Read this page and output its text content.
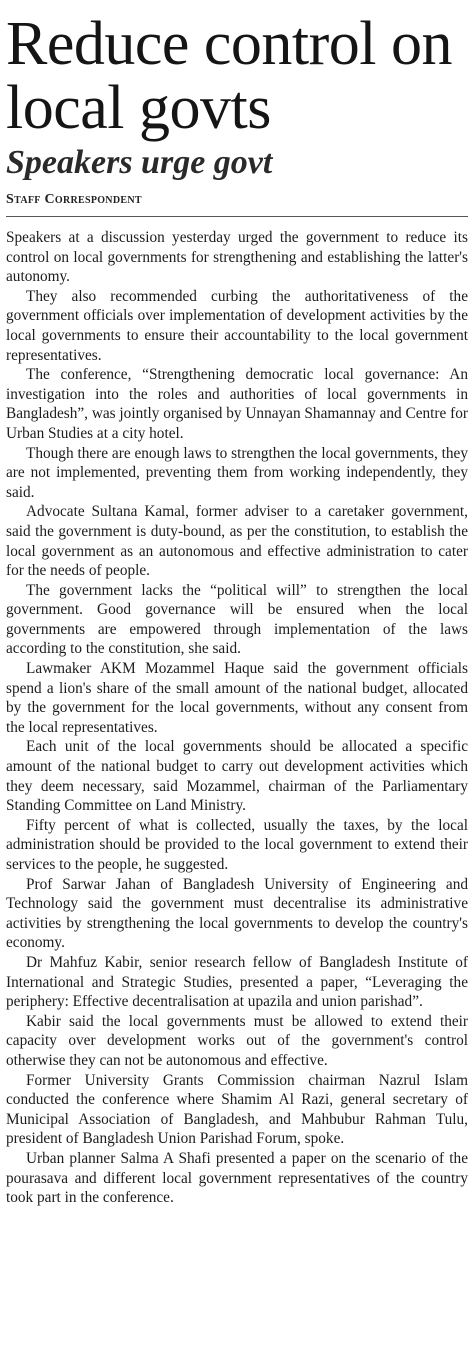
Reduce control on local govts
Speakers urge govt
Staff Correspondent

Speakers at a discussion yesterday urged the government to reduce its control on local governments for strengthening and establishing the latter's autonomy.

They also recommended curbing the authoritativeness of the government officials over implementation of development activities by the local governments to ensure their accountability to the local government representatives.

The conference, “Strengthening democratic local governance: An investigation into the roles and authorities of local governments in Bangladesh”, was jointly organised by Unnayan Shamannay and Centre for Urban Studies at a city hotel.

Though there are enough laws to strengthen the local governments, they are not implemented, preventing them from working independently, they said.

Advocate Sultana Kamal, former adviser to a caretaker government, said the government is duty-bound, as per the constitution, to establish the local government as an autonomous and effective administration to cater for the needs of people.

The government lacks the “political will” to strengthen the local government. Good governance will be ensured when the local governments are empowered through implementation of the laws according to the constitution, she said.

Lawmaker AKM Mozammel Haque said the government officials spend a lion's share of the small amount of the national budget, allocated by the government for the local governments, without any consent from the local representatives.

Each unit of the local governments should be allocated a specific amount of the national budget to carry out development activities which they deem necessary, said Mozammel, chairman of the Parliamentary Standing Committee on Land Ministry.

Fifty percent of what is collected, usually the taxes, by the local administration should be provided to the local government to extend their services to the people, he suggested.

Prof Sarwar Jahan of Bangladesh University of Engineering and Technology said the government must decentralise its administrative activities by strengthening the local governments to develop the country's economy.

Dr Mahfuz Kabir, senior research fellow of Bangladesh Institute of International and Strategic Studies, presented a paper, “Leveraging the periphery: Effective decentralisation at upazila and union parishad”.

Kabir said the local governments must be allowed to extend their capacity over development works out of the government's control otherwise they can not be autonomous and effective.

Former University Grants Commission chairman Nazrul Islam conducted the conference where Shamim Al Razi, general secretary of Municipal Association of Bangladesh, and Mahbubur Rahman Tulu, president of Bangladesh Union Parishad Forum, spoke.

Urban planner Salma A Shafi presented a paper on the scenario of the pourasava and different local government representatives of the country took part in the conference.
